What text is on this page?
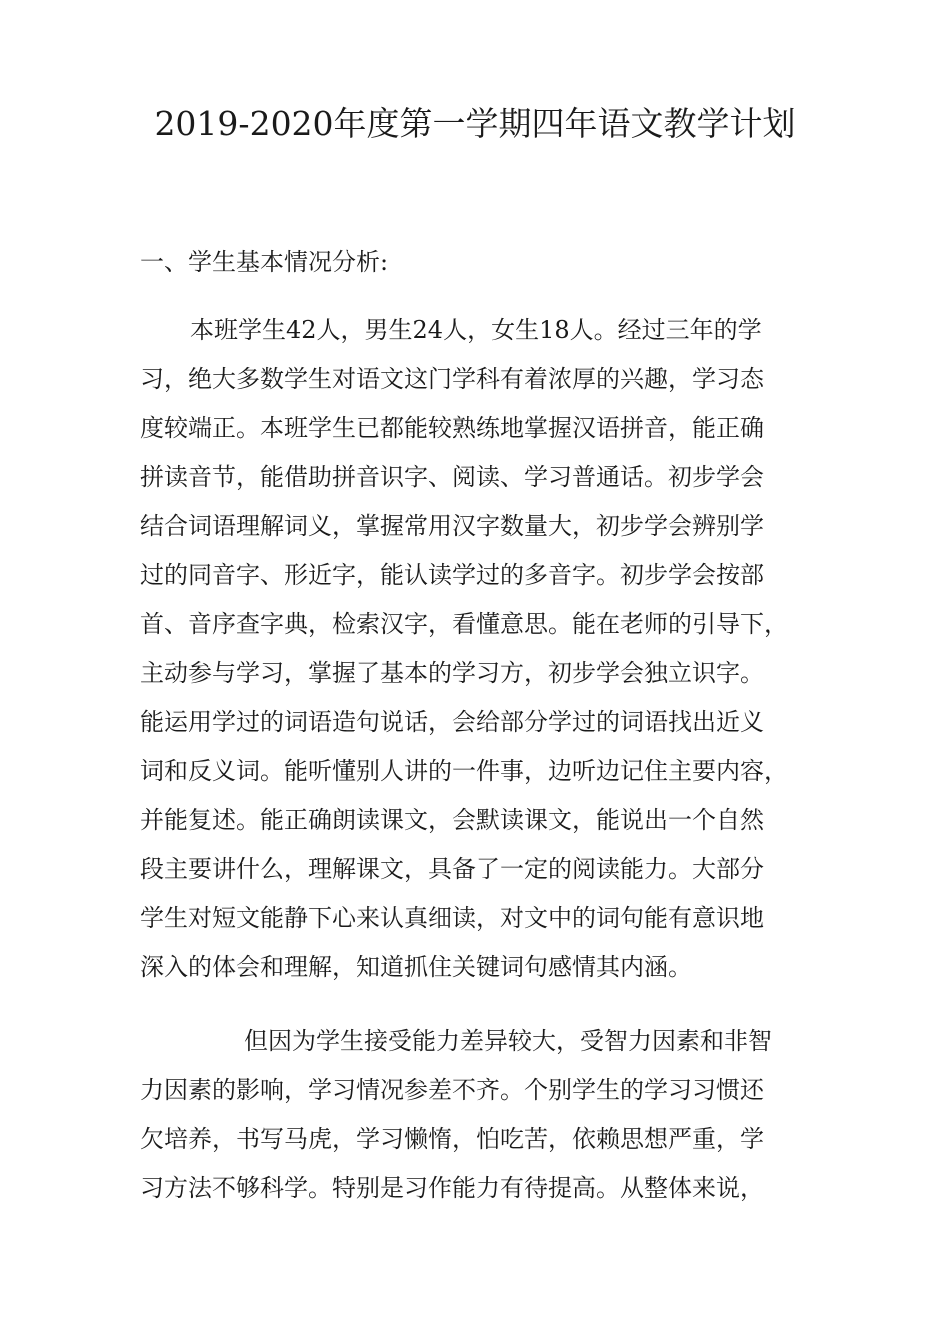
2019-2020年度第一学期四年语文教学计划
一、学生基本情况分析:
本班学生42人，男生24人，女生18人。经过三年的学
习，绝大多数学生对语文这门学科有着浓厚的兴趣，学习态
度较端正。本班学生已都能较熟练地掌握汉语拼音，能正确
拼读音节，能借助拼音识字、阅读、学习普通话。初步学会
结合词语理解词义，掌握常用汉字数量大，初步学会辨别学
过的同音字、形近字，能认读学过的多音字。初步学会按部
首、音序查字典，检索汉字，看懂意思。能在老师的引导下，
主动参与学习，掌握了基本的学习方，初步学会独立识字。
能运用学过的词语造句说话，会给部分学过的词语找出近义
词和反义词。能听懂别人讲的一件事，边听边记住主要内容，
并能复述。能正确朗读课文，会默读课文，能说出一个自然
段主要讲什么，理解课文，具备了一定的阅读能力。大部分
学生对短文能静下心来认真细读，对文中的词句能有意识地
深入的体会和理解，知道抓住关键词句感情其内涵。
但因为学生接受能力差异较大，受智力因素和非智
力因素的影响，学习情况参差不齐。个别学生的学习习惯还
欠培养，书写马虎，学习懒惰，怕吃苦，依赖思想严重，学
习方法不够科学。特别是习作能力有待提高。从整体来说，
